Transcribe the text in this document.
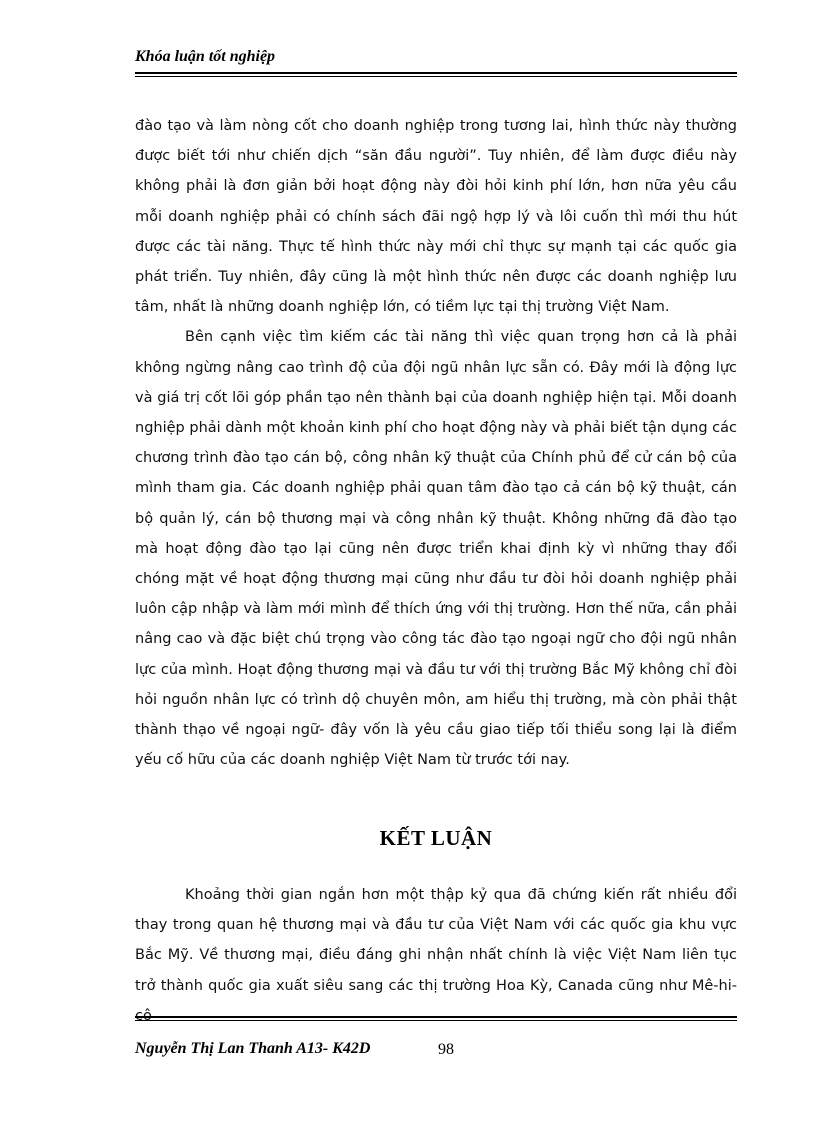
Khóa luận tốt nghiệp

đào tạo và làm nòng cốt cho doanh nghiệp trong tương lai, hình thức này thường được biết tới như chiến dịch “săn đầu người”. Tuy nhiên, để làm được điều này không phải là đơn giản bởi hoạt động này đòi hỏi kinh phí lớn, hơn nữa yêu cầu mỗi doanh nghiệp phải có chính sách đãi ngộ hợp lý và lôi cuốn thì mới thu hút được các tài năng. Thực tế hình thức này mới chỉ thực sự mạnh tại các quốc gia phát triển. Tuy nhiên, đây cũng là một hình thức nên được các doanh nghiệp lưu tâm, nhất là những doanh nghiệp lớn, có tiềm lực tại thị trường Việt Nam.

Bên cạnh việc tìm kiếm các tài năng thì việc quan trọng hơn cả là phải không ngừng nâng cao trình độ của đội ngũ nhân lực sẵn có. Đây mới là động lực và giá trị cốt lõi góp phần tạo nên thành bại của doanh nghiệp hiện tại. Mỗi doanh nghiệp phải dành một khoản kinh phí cho hoạt động này và phải biết tận dụng các chương trình đào tạo cán bộ, công nhân kỹ thuật của Chính phủ để cử cán bộ của mình tham gia. Các doanh nghiệp phải quan tâm đào tạo cả cán bộ kỹ thuật, cán bộ quản lý, cán bộ thương mại và công nhân kỹ thuật. Không những đã đào tạo mà hoạt động đào tạo lại cũng nên được triển khai định kỳ vì những thay đổi chóng mặt về hoạt động thương mại cũng như đầu tư đòi hỏi doanh nghiệp phải luôn cập nhập và làm mới mình để thích ứng với thị trường. Hơn thế nữa, cần phải nâng cao và đặc biệt chú trọng vào công tác đào tạo ngoại ngữ cho đội ngũ nhân lực của mình. Hoạt động thương mại và đầu tư với thị trường Bắc Mỹ không chỉ đòi hỏi nguồn nhân lực có trình dộ chuyên môn, am hiểu thị trường, mà còn phải thật thành thạo về ngoại ngữ- đây vốn là yêu cầu giao tiếp tối thiểu song lại là điểm yếu cố hữu của các doanh nghiệp Việt Nam từ trước tới nay.

KẾT LUẬN

Khoảng thời gian ngắn hơn một thập kỷ qua đã chứng kiến rất nhiều đổi thay trong quan hệ thương mại và đầu tư của Việt Nam với các quốc gia khu vực Bắc Mỹ. Về thương mại, điều đáng ghi nhận nhất chính là việc Việt Nam liên tục trở thành quốc gia xuất siêu sang các thị trường Hoa Kỳ, Canada cũng như Mê-hi-cô

Nguyễn Thị Lan Thanh A13- K42D	98
